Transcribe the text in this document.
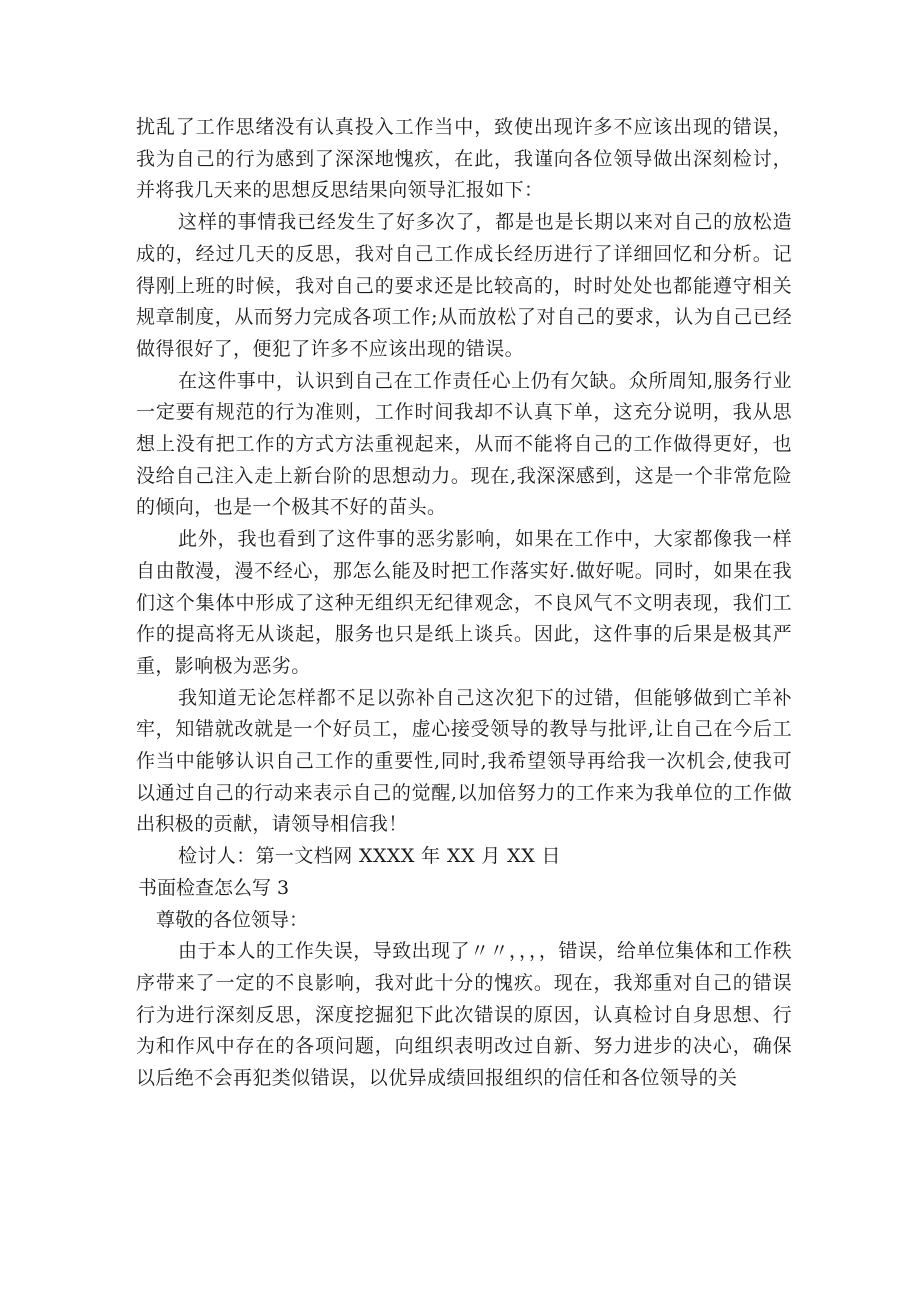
扰乱了工作思绪没有认真投入工作当中，致使出现许多不应该出现的错误，我为自己的行为感到了深深地愧疚，在此，我谨向各位领导做出深刻检讨，并将我几天来的思想反思结果向领导汇报如下：

这样的事情我已经发生了好多次了，都是也是长期以来对自己的放松造成的，经过几天的反思，我对自己工作成长经历进行了详细回忆和分析。记得刚上班的时候，我对自己的要求还是比较高的，时时处处也都能遵守相关规章制度，从而努力完成各项工作;从而放松了对自己的要求，认为自己已经做得很好了，便犯了许多不应该出现的错误。

在这件事中，认识到自己在工作责任心上仍有欠缺。众所周知,服务行业一定要有规范的行为准则，工作时间我却不认真下单，这充分说明，我从思想上没有把工作的方式方法重视起来，从而不能将自己的工作做得更好，也没给自己注入走上新台阶的思想动力。现在,我深深感到，这是一个非常危险的倾向，也是一个极其不好的苗头。

此外，我也看到了这件事的恶劣影响，如果在工作中，大家都像我一样自由散漫，漫不经心，那怎么能及时把工作落实好.做好呢。同时，如果在我们这个集体中形成了这种无组织无纪律观念，不良风气不文明表现，我们工作的提高将无从谈起，服务也只是纸上谈兵。因此，这件事的后果是极其严重，影响极为恶劣。

我知道无论怎样都不足以弥补自己这次犯下的过错，但能够做到亡羊补牢，知错就改就是一个好员工，虚心接受领导的教导与批评,让自己在今后工作当中能够认识自己工作的重要性,同时,我希望领导再给我一次机会,使我可以通过自己的行动来表示自己的觉醒,以加倍努力的工作来为我单位的工作做出积极的贡献，请领导相信我！

检讨人：第一文档网 XXXX 年 XX 月 XX 日

书面检查怎么写 3

尊敬的各位领导：

由于本人的工作失误，导致出现了〃〃，，，，错误，给单位集体和工作秩序带来了一定的不良影响，我对此十分的愧疚。现在，我郑重对自己的错误行为进行深刻反思，深度挖掘犯下此次错误的原因，认真检讨自身思想、行为和作风中存在的各项问题，向组织表明改过自新、努力进步的决心，确保以后绝不会再犯类似错误，以优异成绩回报组织的信任和各位领导的关
